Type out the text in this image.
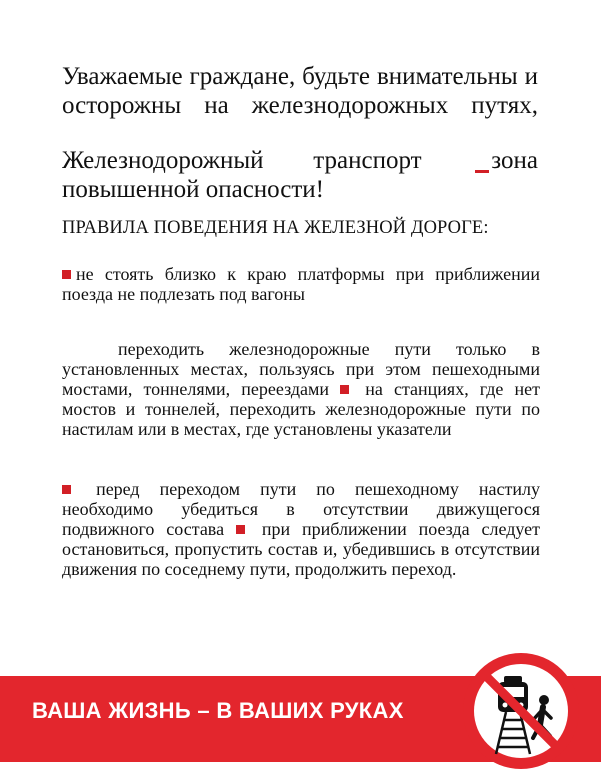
Уважаемые граждане, будьте внимательны и осторожны на железнодорожных путях,

Железнодорожный транспорт	зона повышенной опасности!

ПРАВИЛА ПОВЕДЕНИЯ НА ЖЕЛЕЗНОЙ ДОРОГЕ:

не стоять близко к краю платформы при приближении поезда не подлезать под вагоны

переходить железнодорожные пути только в установленных местах, пользуясь при этом пешеходными мостами, тоннелями, переездами на станциях, где нет мостов и тоннелей, переходить железнодорожные пути по настилам или в местах, где установлены указатели

перед переходом пути по пешеходному настилу необходимо убедиться в отсутствии движущегося подвижного состава при приближении поезда следует остановиться, пропустить состав и, убедившись в отсутствии движения по соседнему пути, продолжить переход.

ВАША ЖИЗНЬ – В ВАШИХ РУКАХ
